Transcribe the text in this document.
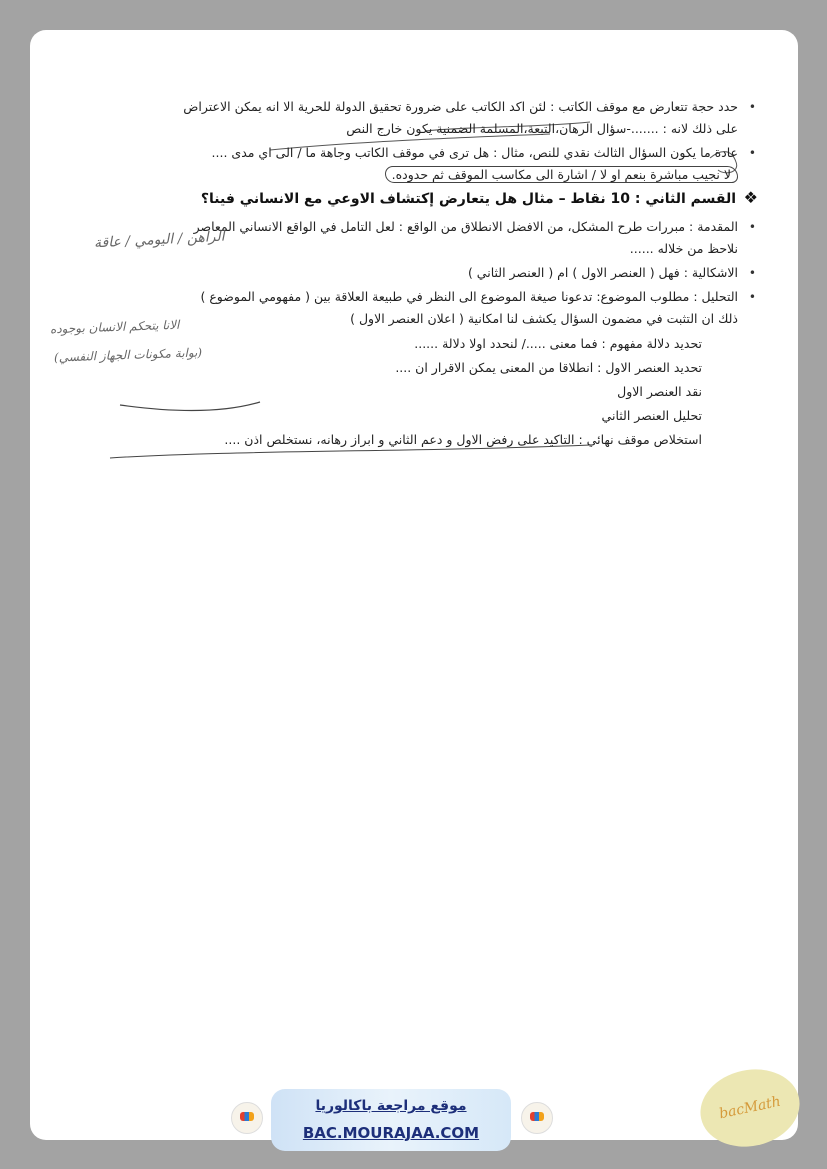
•
حدد حجة تتعارض مع موقف الكاتب : لئن اكد الكاتب على ضرورة تحقيق الدولة للحرية الا انه يمكن الاعتراض
على ذلك لانه : .......-سؤال الرهان،التبعة،المسلمة الضمنية يكون خارج النص
•
عادة ما يكون السؤال الثالث نقدي للنص، مثال : هل ترى في موقف الكاتب وجاهة ما / الى اي مدى ....
لا نجيب مباشرة بنعم او لا / اشارة الى مكاسب الموقف ثم حدوده.
❖
القسم الثاني : 10 نقاط – مثال هل يتعارض إكتشاف الاوعي مع الانساني فينا؟
•
المقدمة : مبررات طرح المشكل، من الافضل الانطلاق من الواقع : لعل التامل في الواقع الانساني المعاصر
نلاحظ من خلاله ......
•
الاشكالية : فهل ( العنصر الاول ) ام ( العنصر الثاني )
•
التحليل : مطلوب الموضوع: تدعونا صيغة الموضوع الى النظر في طبيعة العلاقة بين ( مفهومي الموضوع )
ذلك ان التثبت في مضمون السؤال يكشف لنا امكانية ( اعلان العنصر الاول )
تحديد دلالة مفهوم : فما معنى ...../ لنحدد اولا دلالة ......
تحديد العنصر الاول : انطلاقا من المعنى يمكن الاقرار ان ....
نقد العنصر الاول
تحليل العنصر الثاني
استخلاص موقف نهائي : التاكيد على رفض الاول و دعم الثاني و ابراز رهانه، نستخلص اذن ....
الراهن / اليومي / عاقة
الانا يتحكم الانسان بوجوده
(بوابة مكونات الجهاز النفسي)
موقع مراجعة باكالوريا
BAC.MOURAJAA.COM
bacMath
